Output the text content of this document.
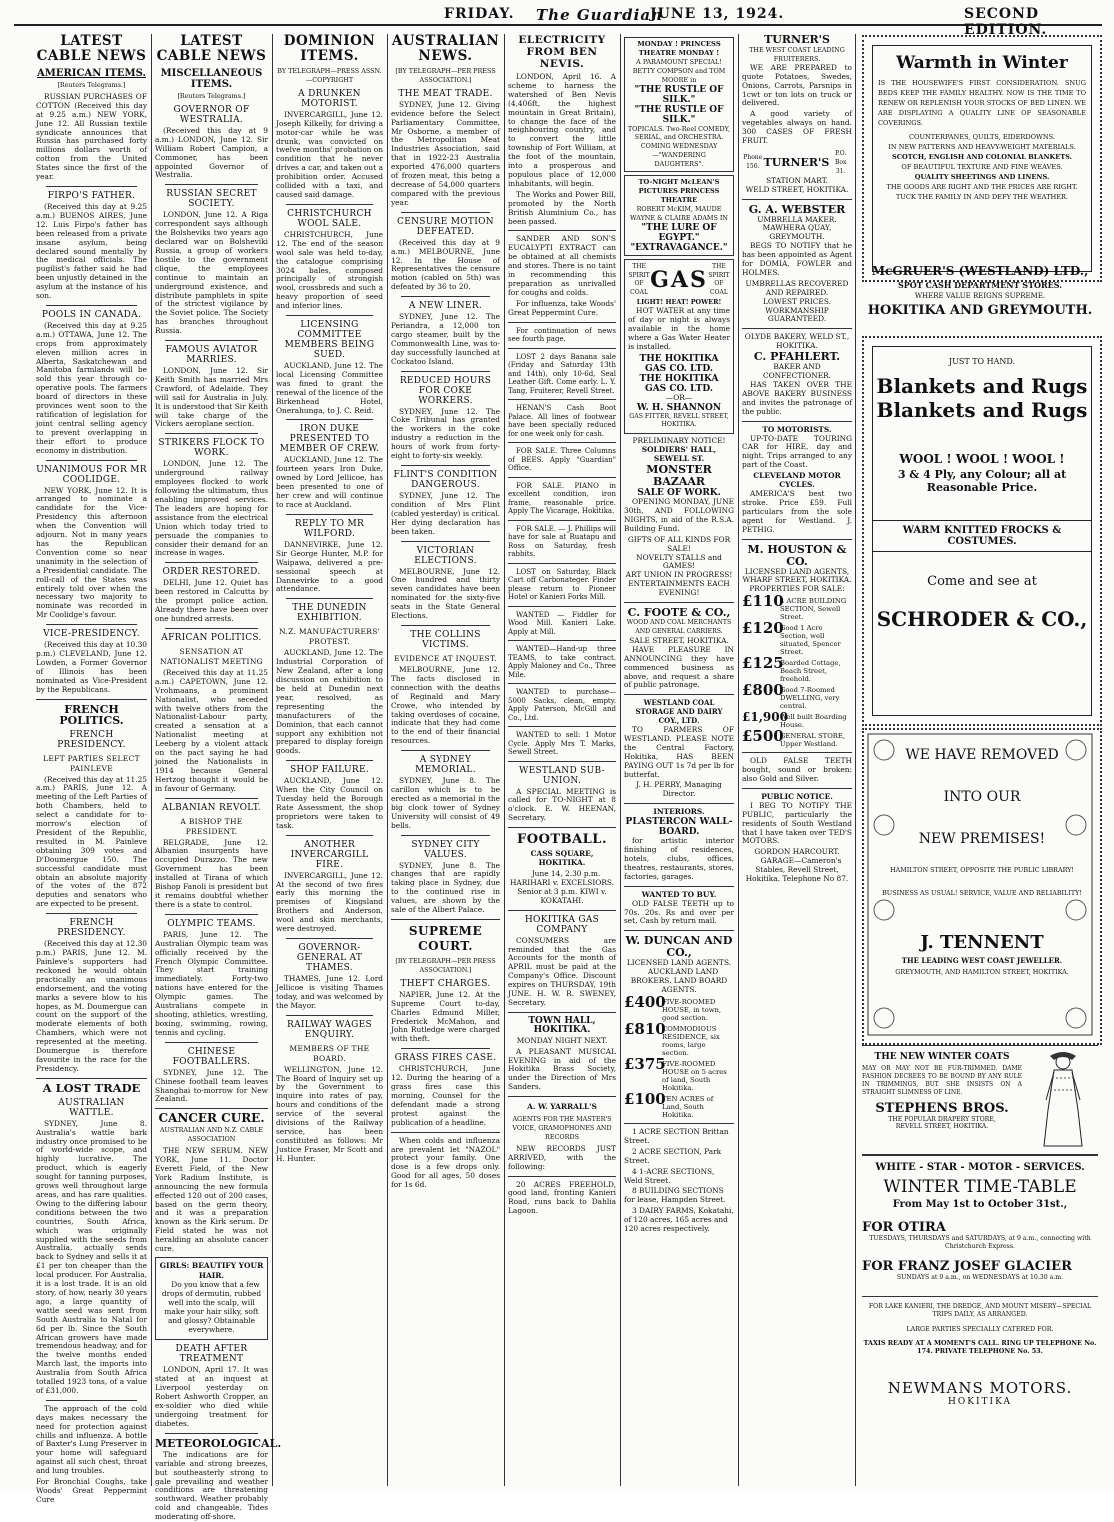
FRIDAY. The Guardian
JUNE 13, 1924.	SECOND EDITION.
LATEST CABLE NEWS
AMERICAN ITEMS.
[Reuters Telegrams.]

RUSSIAN PURCHASES OF COTTON (Received this day at 9.25 a.m.) NEW YORK, June 12. All Russian textile syndicate announces that Russia has purchased forty millions dollars worth of cotton from the United States since the first of the year.

FIRPO'S FATHER.

(Received this day at 9.25 a.m.) BUENOS AIRES, June 12. Luis Firpo's father has been released from a private insane asylum, being declared sound mentally by the medical officials. The pugilist's father said he had been unjustly detained in the asylum at the instance of his son.

POOLS IN CANADA.

(Received this day at 9.25 a.m.) OTTAWA, June 12. The crops from approximately eleven million acres in Alberta, Saskatchewan and Manitoba farmlands will be sold this year through co-operative pools. The farmers board of directors in these provinces went soon to the ratification of legislation for joint central selling agency to prevent overlapping in their effort to produce economy in distribution.

UNANIMOUS FOR MR COOLIDGE.

NEW YORK, June 12. It is arranged to nominate a candidate for the Vice-Presidency this afternoon when the Convention will adjourn. Not in many years has the Republican Convention come so near unanimity in the selection of a Presidential candidate. The roll-call of the States was entirely told over when the necessary two majority to nominate was recorded in Mr Coolidge's favour.

VICE-PRESIDENCY.

(Received this day at 10.30 p.m.) CLEVELAND, June 12. Lowden, a Former Governor of Illinois has been nominated as Vice-President by the Republicans.

FRENCH POLITICS.
FRENCH PRESIDENCY.
LEFT PARTIES SELECT PAINLEVE

(Received this day at 11.25 a.m.) PARIS, June 12. A meeting of the Left Parties of both Chambers, held to select a candidate for to-morrow's election of President of the Republic, resulted in M. Painleve obtaining 309 votes and D'Doumergue 150. The successful candidate must obtain an absolute majority of the votes of the 872 deputies and senators who are expected to be present.

FRENCH PRESIDENCY.

(Received this day at 12.30 p.m.) PARIS, June 12. M. Painleve's supporters had reckoned he would obtain practically an unanimous endorsement, and the voting marks a severe blow to his hopes, as M. Doumergue can count on the support of the moderate elements of both Chambers, which were not represented at the meeting. Doumergue is therefore favourite in the race for the Presidency.

A LOST TRADE
AUSTRALIAN WATTLE.

SYDNEY, June 8. Australia's wattle bark industry once promised to be of world-wide scope, and highly lucrative. The product, which is eagerly sought for tanning purposes, grows well throughout large areas, and has rare qualities. Owing to the differing labour conditions between the two countries, South Africa, which was originally supplied with the seeds from Australia, actually sends back to Sydney and sells it at £1 per ton cheaper than the local producer. For Australia, it is a lost trade. It is an old story, of how, nearly 30 years ago, a large quantity of wattle seed was sent from South Australia to Natal for 6d per lb. Since the South African growers have made tremendous headway, and for the twelve months ended March last, the imports into Australia from South Africa totalled 1923 tons, of a value of £31,000.

The approach of the cold days makes necessary the need for protection against chills and influenza. A bottle of Baxter's Lung Preserver in your home will safeguard against all such chest, throat and lung troubles.

For Bronchial Coughs, take Woods' Great Peppermint Cure

LATEST CABLE NEWS
MISCELLANEOUS ITEMS.
[Reuters Telegrams.]
GOVERNOR OF WESTRALIA.

(Received this day at 9 a.m.) LONDON, June 12. Sir William Robert Campion, a Commoner, has been appointed Governor of Westralia.

RUSSIAN SECRET SOCIETY.

LONDON, June 12. A Riga correspondent says although the Bolsheviks two years ago declared war on Bolsheviki Russia, a group of workers hostile to the government clique, the employees continue to maintain an underground existence, and distribute pamphlets in spite of the strictest vigilance by the Soviet police. The Society has branches throughout Russia.

FAMOUS AVIATOR MARRIES.

LONDON, June 12. Sir Keith Smith has married Mrs Crawford, of Adelaide. They will sail for Australia in July. It is understood that Sir Keith will take charge of the Vickers aeroplane section.

STRIKERS FLOCK TO WORK.

LONDON, June 12. The underground railway employees flocked to work following the ultimatum, thus enabling improved services. The leaders are hoping for assistance from the electrical Union which today tried to persuade the companies to consider their demand for an increase in wages.

ORDER RESTORED.

DELHI, June 12. Quiet has been restored in Calcutta by the prompt police action. Already there have been over one hundred arrests.

AFRICAN POLITICS.
SENSATION AT NATIONALIST MEETING

(Received this day at 11.25 a.m.) CAPETOWN, June 12. Vrohmaans, a prominent Nationalist, who seceded with twelve others from the Nationalist-Labour party, created a sensation at a Nationalist meeting at Leeberg by a violent attack on the pact saying he had joined the Nationalists in 1914 because General Hertzog thought it would be in favour of Germany.

ALBANIAN REVOLT.
A BISHOP THE PRESIDENT.

BELGRADE, June 12. Albanian insurgents have occupied Durazzo. The new Government has been installed at Tirana of which Bishop Fanoli is president but it remains doubtful whether there is a state to control.

OLYMPIC TEAMS.

PARIS, June 12. The Australian Olympic team was officially received by the French Olympic Committee. They start training immediately. Forty-two nations have entered for the Olympic games. The Australians compete in shooting, athletics, wrestling, boxing, swimming, rowing, tennis and cycling.

CHINESE FOOTBALLERS.

SYDNEY, June 12. The Chinese football team leaves Shanghai to-morrow for New Zealand.

CANCER CURE.
AUSTRALIAN AND N.Z. CABLE ASSOCIATION

THE NEW SERUM. NEW YORK, June 11. Doctor Everett Field, of the New York Radium Institute, is announcing the new formula effected 120 out of 200 cases, based on the germ theory, and it was a preparation known as the Kirk serum. Dr Field stated he was not heralding an absolute cancer cure.

GIRLS: BEAUTIFY YOUR HAIR.

Do you know that a few drops of dermutin, rubbed well into the scalp, will make your hair silky, soft and glossy? Obtainable everywhere.

DEATH AFTER TREATMENT

LONDON, April 17. It was stated at an inquest at Liverpool yesterday on Robert Ashworth Cropper, an ex-soldier who died while undergoing treatment for diabetes.

METEOROLOGICAL.

The indications are for variable and strong breezes, but southeasterly strong to gale prevailing and weather conditions are threatening southward. Weather probably cold and changeable. Tides moderating off-shore.

DOMINION ITEMS.
BY TELEGRAPH—PRESS ASSN.—COPYRIGHT
A DRUNKEN MOTORIST.

INVERCARGILL, June 12. Joseph Kilkelly, for driving a motor-car while he was drunk, was convicted on twelve months' probation on condition that he never drives a car, and taken out a prohibition order. Accused collided with a taxi, and caused said damage.

CHRISTCHURCH WOOL SALE.

CHRISTCHURCH, June 12. The end of the season wool sale was held to-day, the catalogue comprising 3024 bales, composed principally of strongish wool, crossbreds and such a heavy proportion of seed and inferior lines.

LICENSING COMMITTEE MEMBERS BEING SUED.

AUCKLAND, June 12. The local Licensing Committee was fined to grant the renewal of the licence of the Birkenhead Hotel, Onerahunga, to J. C. Reid.

IRON DUKE PRESENTED TO MEMBER OF CREW.

AUCKLAND, June 12. The fourteen years Iron Duke, owned by Lord Jellicoe, has been presented to one of her crew and will continue to race at Auckland.

REPLY TO MR WILFORD.

DANNEVIRKE, June 12. Sir George Hunter, M.P. for Waipawa, delivered a pre-sessional speech at Dannevirke to a good attendance.

THE DUNEDIN EXHIBITION.
N.Z. MANUFACTURERS' PROTEST.

AUCKLAND, June 12. The Industrial Corporation of New Zealand, after a long discussion on exhibition to be held at Dunedin next year, resolved, as representing the manufacturers of the Dominion, that each cannot support any exhibition not prepared to display foreign goods.

SHOP FAILURE.

AUCKLAND, June 12. When the City Council on Tuesday held the Borough Rate Assessment, the shop proprietors were taken to task.

ANOTHER INVERCARGILL FIRE.

INVERCARGILL, June 12. At the second of two fires early this morning the premises of Kingsland Brothers and Anderson, wool and skin merchants, were destroyed.

GOVERNOR-GENERAL AT THAMES.

THAMES, June 12. Lord Jellicoe is visiting Thames today, and was welcomed by the Mayor.

RAILWAY WAGES ENQUIRY.
MEMBERS OF THE BOARD.

WELLINGTON, June 12. The Board of Inquiry set up by the Government to inquire into rates of pay, hours and conditions of the service of the several divisions of the Railway service, has been constituted as follows: Mr Justice Fraser, Mr Scott and H. Hunter.

AUSTRALIAN NEWS.
[BY TELEGRAPH—PER PRESS ASSOCIATION.]
THE MEAT TRADE.

SYDNEY, June 12. Giving evidence before the Select Parliamentary Committee, Mr Osborne, a member of the Metropolitan Meat Industries Association, said that in 1922-23 Australia exported 476,000 quarters of frozen meat, this being a decrease of 54,000 quarters compared with the previous year.

CENSURE MOTION DEFEATED.

(Received this day at 9 a.m.) MELBOURNE, June 12. In the House of Representatives the censure motion (cabled on 5th) was defeated by 36 to 20.

A NEW LINER.

SYDNEY, June 12. The Periandra, a 12,000 ton cargo steamer, built by the Commonwealth Line, was to-day successfully launched at Cockatoo Island.

REDUCED HOURS FOR COKE WORKERS.

SYDNEY, June 12. The Coke Tribunal has granted the workers in the coke industry a reduction in the hours of work from forty-eight to forty-six weekly.

FLINT'S CONDITION DANGEROUS.

SYDNEY, June 12. The condition of Mrs Flint (cabled yesterday) is critical. Her dying declaration has been taken.

VICTORIAN ELECTIONS.

MELBOURNE, June 12. One hundred and thirty seven candidates have been nominated for the sixty-five seats in the State General Elections.

THE COLLINS VICTIMS.
EVIDENCE AT INQUEST.

MELBOURNE, June 12. The facts disclosed in connection with the deaths of Reginald and Mary Crowe, who intended by taking overdoses of cocaine, indicate that they had come to the end of their financial resources.

A SYDNEY MEMORIAL.

SYDNEY, June 8. The carillon which is to be erected as a memorial in the big clock tower of Sydney University will consist of 49 bells.

SYDNEY CITY VALUES.

SYDNEY, June 8. The changes that are rapidly taking place in Sydney, due to the continued rise in values, are shown by the sale of the Albert Palace.

SUPREME COURT.
[BY TELEGRAPH—PER PRESS ASSOCIATION.]
THEFT CHARGES.

NAPIER, June 12. At the Supreme Court to-day, Charles Edmund Miller, Frederick McMahon, and John Rutledge were charged with theft.

GRASS FIRES CASE.

CHRISTCHURCH, June 12. During the hearing of a grass fires case this morning, Counsel for the defendant made a strong protest against the publication of a headline.

When colds and influenza are prevalent let "NAZOL" protect your family. One dose is a few drops only. Good for all ages, 50 doses for 1s 6d.

ELECTRICITY FROM BEN NEVIS.

LONDON, April 16. A scheme to harness the watershed of Ben Nevis (4,406ft, the highest mountain in Great Britain), to change the face of the neighbouring country, and to convert the little township of Fort William, at the foot of the mountain, into a prosperous and populous place of 12,000 inhabitants, will begin.

The Works and Power Bill, promoted by the North British Aluminium Co., has been passed.

SANDER AND SON'S EUCALYPTI EXTRACT can be obtained at all chemists and stores. There is no taint in recommending this preparation as unrivalled for coughs and colds.

For influenza, take Woods' Great Peppermint Cure.

For continuation of news see fourth page.

LOST 2 days Banana sale (Friday and Saturday 13th and 14th), only 10-6d, Seal Leather Gift. Come early. L. Y. Tang, Fruiterer, Revell Street.

HENAN'S Cash Boot Palace. All lines of footwear have been specially reduced for one week only for cash.

FOR SALE. Three Columns of BEES. Apply "Guardian" Office.

FOR SALE. PIANO in excellent condition, iron frame, reasonable price. Apply The Vicarage, Hokitika.

FOR SALE. — J. Phillips will have for sale at Ruatapu and Ross on Saturday, fresh rabbits.

LOST on Saturday, Black Cart off Carbonateger. Finder please return to Pioneer Hotel or Kanieri Forks Mill.

WANTED — Fiddler for Wood Mill. Kanieri Lake. Apply at Mill.

WANTED—Hand-up three TEAMS, to take contract. Apply Maloney and Co., Three Mile.

WANTED to purchase—5000 Sacks, clean, empty. Apply Paterson, McGill and Co., Ltd.

WANTED to sell: 1 Motor Cycle. Apply Mrs T. Marks, Sewell Street.

WESTLAND SUB-UNION.

A SPECIAL MEETING is called for TO-NIGHT at 8 o'clock. E. W. HEENAN, Secretary.

FOOTBALL.
CASS SQUARE, HOKITIKA.

June 14, 2.30 p.m. HARIHARI v. EXCELSIORS. Senior at 3 p.m. KIWI v. KOKATAHI.

HOKITIKA GAS COMPANY

CONSUMERS are reminded that the Gas Accounts for the month of APRIL must be paid at the Company's Office. Discount expires on THURSDAY, 19th JUNE. H. W. R. SWENEY, Secretary.

TOWN HALL, HOKITIKA.
MONDAY NIGHT NEXT.

A PLEASANT MUSICAL EVENING in aid of the Hokitika Brass Society, under the Direction of Mrs Sanders.

A. W. YARRALL'S
AGENTS FOR THE MASTER'S VOICE, GRAMOPHONES AND RECORDS

NEW RECORDS JUST ARRIVED, with the following:

20 ACRES FREEHOLD, good land, fronting Kanieri Road, runs back to Dahlia Lagoon.

MONDAY ! PRINCESS THEATRE MONDAY !
A PARAMOUNT SPECIAL! BETTY COMPSON and TOM MOORE in
"THE RUSTLE OF SILK."
"THE RUSTLE OF SILK."
TOPICALS. Two-Reel COMEDY, SERIAL, and ORCHESTRA. COMING WEDNESDAY—"WANDERING DAUGHTERS".
TO-NIGHT McLEAN'S PICTURES PRINCESS THEATRE
ROBERT McKIM, MAUDE WAYNE & CLAIRE ADAMS IN
"THE LURE OF EGYPT."
"EXTRAVAGANCE."
THE SPIRIT OF COAL GAS
THE SPIRIT OF COAL
LIGHT! HEAT! POWER!

HOT WATER at any time of day or night is always available in the home where a Gas Water Heater is installed.

THE HOKITIKA GAS CO. LTD.
THE HOKITIKA GAS CO. LTD.
—OR—
W. H. SHANNON
GAS FITTER, REVELL STREET, HOKITIKA.
PRELIMINARY NOTICE!
SOLDIERS' HALL, SEWELL ST.
MONSTER BAZAAR
SALE OF WORK.

OPENING MONDAY, JUNE 30th, AND FOLLOWING NIGHTS, in aid of the R.S.A. Building Fund.

GIFTS OF ALL KINDS FOR SALE!
NOVELTY STALLS and GAMES!
ART UNION IN PROGRESS!
ENTERTAINMENTS EACH EVENING!
C. FOOTE & CO.,
WOOD AND COAL MERCHANTS AND GENERAL CARRIERS.
SALE STREET, HOKITIKA.

HAVE PLEASURE IN ANNOUNCING they have commenced business as above, and request a share of public patronage.

WESTLAND COAL STORAGE AND DAIRY COY., LTD.

TO FARMERS OF WESTLAND. PLEASE NOTE the Central Factory, Hokitika, HAS BEEN PAYING OUT 1s 7d per lb for butterfat.

J. H. PERRY, Managing Director.
INTERIORS.
PLASTERCON WALL-BOARD.

for artistic interior finishing of residences, hotels, clubs, offices, theatres, restaurants, stores, factories, garages.

WANTED TO BUY.

OLD FALSE TEETH up to 70s. 20s. Rs and over per set, Cash by return mail.

W. DUNCAN AND CO.,
LICENSED LAND AGENTS.

AUCKLAND LAND BROKERS. LAND BOARD AGENTS.

£400
FIVE-ROOMED HOUSE, in town, good section.
£810
COMMODIOUS RESIDENCE, six rooms, large section.
£375
FIVE-ROOMED HOUSE on 5 acres of land, South Hokitika.
£100
TEN ACRES of Land, South Hokitika.

1 ACRE SECTION Brittan Street.

2 ACRE SECTION, Park Street.

4 1-ACRE SECTIONS, Weld Street.

8 BUILDING SECTIONS for lease, Hampden Street.

3 DAIRY FARMS, Kokatahi, of 120 acres, 165 acres and 120 acres respectively.

TURNER'S
THE WEST COAST LEADING FRUITERERS.

WE ARE PREPARED to quote Potatoes, Swedes, Onions, Carrots, Parsnips in 1cwt or ton lots on truck or delivered.

A good variety of vegetables always on hand. 300 CASES OF FRESH FRUIT.

Phone 156. TURNER'S
P.O. Box 31.
STATION MART.
WELD STREET, HOKITIKA.
G. A. WEBSTER
UMBRELLA MAKER.
MAWHERA QUAY, GREYMOUTH.

BEGS TO NOTIFY that he has been appointed as Agent for DOMIA, FOWLER and HOLMES.

UMBRELLAS RECOVERED AND REPAIRED.
LOWEST PRICES.
WORKMANSHIP GUARANTEED.
OLYDE BAKERY, WELD ST., HOKITIKA.
C. PFAHLERT.
BAKER AND CONFECTIONER.

HAS TAKEN OVER THE ABOVE BAKERY BUSINESS and invites the patronage of the public.

TO MOTORISTS.

UP-TO-DATE TOURING CAR for HIRE, day and night. Trips arranged to any part of the Coast.

CLEVELAND MOTOR CYCLES.

AMERICA'S best two stroke. Price £59. Full particulars from the sole agent for Westland. J. PETHIG.

M. HOUSTON & CO.
LICENSED LAND AGENTS,
WHARF STREET, HOKITIKA.
PROPERTIES FOR SALE:
£110
4 ACRE BUILDING SECTION, Sewell Street.
£120
Good 1 Acre Section, well situated, Spencer Street.
£125
Boarded Cottage, Beach Street, freehold.
£800
Good 7-Roomed DWELLING, very central.
£1,900
Well built Boarding House.
£500
GENERAL STORE, Upper Westland.

OLD FALSE TEETH bought, sound or broken: also Gold and Silver.

PUBLIC NOTICE.

I BEG TO NOTIFY THE PUBLIC, particularly the residents of South Westland that I have taken over TED'S MOTORS.

GORDON HARCOURT.

GARAGE—Cameron's Stables, Revell Street, Hokitika. Telephone No 87.

Warmth in Winter
IS THE HOUSEWIFE'S FIRST CONSIDERATION. SNUG BEDS KEEP THE FAMILY HEALTHY. NOW IS THE TIME TO RENEW OR REPLENISH YOUR STOCKS OF BED LINEN. WE ARE DISPLAYING A QUALITY LINE OF SEASONABLE COVERINGS.
COUNTERPANES, QUILTS, EIDERDOWNS.
IN NEW PATTERNS AND HEAVY-WEIGHT MATERIALS.
SCOTCH, ENGLISH AND COLONIAL BLANKETS.
OF BEAUTIFUL TEXTURE AND FINE WEAVES.
QUALITY SHEETINGS AND LINENS.
THE GOODS ARE RIGHT AND THE PRICES ARE RIGHT. TUCK THE FAMILY IN AND DEFY THE WEATHER.
McGRUER'S (WESTLAND) LTD.,
SPOT CASH DEPARTMENT STORES.
WHERE VALUE REIGNS SUPREME.
HOKITIKA AND GREYMOUTH.
JUST TO HAND.
Blankets and Rugs
Blankets and Rugs
WOOL ! WOOL ! WOOL !
3 & 4 Ply, any Colour; all at Reasonable Price.
WARM KNITTED FROCKS & COSTUMES.
Come and see at
SCHRODER & CO.,
WE HAVE REMOVED
INTO OUR
NEW PREMISES!
HAMILTON STREET, OPPOSITE THE PUBLIC LIBRARY!
BUSINESS AS USUAL! SERVICE, VALUE AND RELIABILITY!
J. TENNENT
THE LEADING WEST COAST JEWELLER.
GREYMOUTH, AND HAMILTON STREET, HOKITIKA.
THE NEW WINTER COATS
MAY OR MAY NOT BE FUR-TRIMMED. DAME FASHION DECREES TO BE BOUND BY ANY RULE IN TRIMMINGS, BUT SHE INSISTS ON A STRAIGHT SLIMNESS OF LINE.
STEPHENS BROS.
THE POPULAR DRAPERY STORE,
REVELL STREET, HOKITIKA.
WHITE - STAR - MOTOR - SERVICES.
WINTER TIME-TABLE
From May 1st to October 31st.,
FOR OTIRA
TUESDAYS, THURSDAYS and SATURDAYS, at 9 a.m., connecting with Christchurch Express.
FOR FRANZ JOSEF GLACIER
SUNDAYS at 9 a.m., on WEDNESDAYS at 10.30 a.m.
FOR LAKE KANIERI, THE DREDGE, AND MOUNT MISERY—SPECIAL TRIPS DAILY, AS ARRANGED.
LARGE PARTIES SPECIALLY CATERED FOR.
TAXIS READY AT A MOMENT'S CALL. RING UP TELEPHONE No. 174. PRIVATE TELEPHONE No. 53.
NEWMANS MOTORS.
HOKITIKA
